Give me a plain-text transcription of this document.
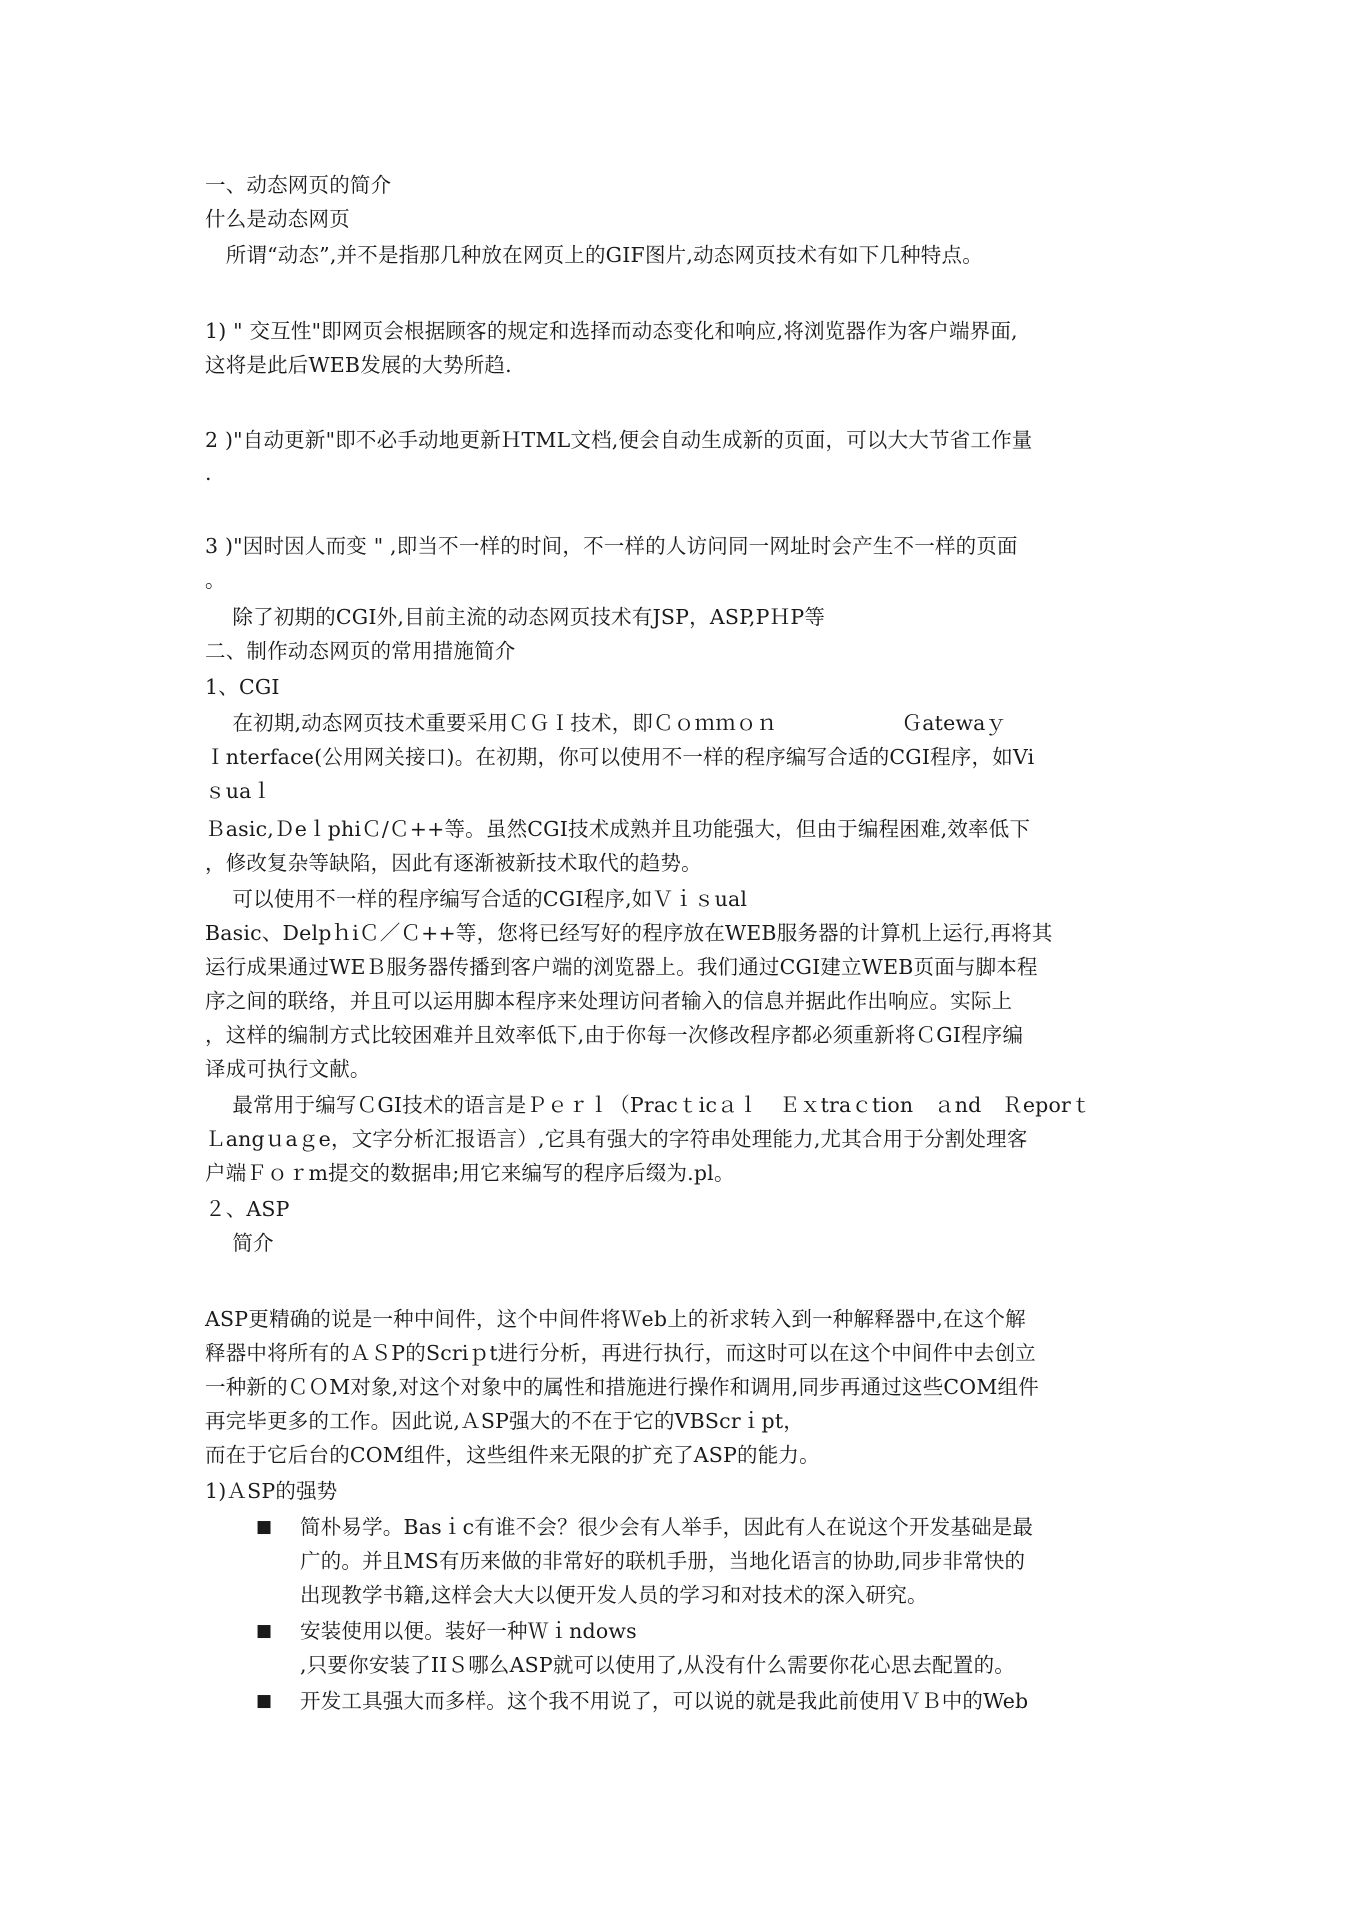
一、动态网页的简介
什么是动态网页
　所谓“动态”,并不是指那几种放在网页上的GIF图片,动态网页技术有如下几种特点。
1) " 交互性"即网页会根据顾客的规定和选择而动态变化和响应,将浏览器作为客户端界面,
这将是此后WEB发展的大势所趋.
2 )"自动更新"即不必手动地更新ＨTML文档,便会自动生成新的页面，可以大大节省工作量
.
3 )"因时因人而变 " ,即当不一样的时间，不一样的人访问同一网址时会产生不一样的页面
。
　 除了初期的CGI外,目前主流的动态网页技术有JSP，ASP,PＨP等
二、制作动态网页的常用措施简介
1、CGI
　 在初期,动态网页技术重要采用ＣＧＩ技术，即Ｃｏｍｍｏｎ　　　　　　Ｇatewaｙ
Ｉnterface(公用网关接口)。在初期，你可以使用不一样的程序编写合适的CGI程序，如Vi
ｓuaｌ
Ｂasic,ＤeｌphiＣ/Ｃ++等。虽然CGI技术成熟并且功能强大，但由于编程困难,效率低下
，修改复杂等缺陷，因此有逐渐被新技术取代的趋势。
　 可以使用不一样的程序编写合适的CGI程序,如Ｖｉｓual
Basic、DelpｈiＣ／Ｃ++等，您将已经写好的程序放在WEB服务器的计算机上运行,再将其
运行成果通过WEＢ服务器传播到客户端的浏览器上。我们通过CGI建立WEB页面与脚本程
序之间的联络，并且可以运用脚本程序来处理访问者输入的信息并据此作出响应。实际上
，这样的编制方式比较困难并且效率低下,由于你每一次修改程序都必须重新将ＣGI程序编
译成可执行文献。
　 最常用于编写ＣGI技术的语言是Ｐｅｒｌ（Pracｔicａｌ　Ｅｘtraｃtion　ａnd　Ｒeporｔ
Ｌangｕaｇe，文字分析汇报语言）,它具有强大的字符串处理能力,尤其合用于分割处理客
户端Ｆｏｒm提交的数据串;用它来编写的程序后缀为.pl。
２、ASP
　 简介
ASP更精确的说是一种中间件，这个中间件将Ｗeb上的祈求转入到一种解释器中,在这个解
释器中将所有的ＡＳP的Scriｐt进行分析，再进行执行，而这时可以在这个中间件中去创立
一种新的ＣＯM对象,对这个对象中的属性和措施进行操作和调用,同步再通过这些COM组件
再完毕更多的工作。因此说,ＡSP强大的不在于它的VBScrｉpt，
而在于它后台的COM组件，这些组件来无限的扩充了ASP的能力。
1)ＡSP的强势
■ 简朴易学。Basｉc有谁不会？很少会有人举手，因此有人在说这个开发基础是最
广的。并且MS有历来做的非常好的联机手册，当地化语言的协助,同步非常快的
出现教学书籍,这样会大大以便开发人员的学习和对技术的深入研究。
■ 安装使用以便。装好一种Ｗｉndows
,只要你安装了IIＳ哪么ASP就可以使用了,从没有什么需要你花心思去配置的。
■ 开发工具强大而多样。这个我不用说了，可以说的就是我此前使用ＶＢ中的Web
